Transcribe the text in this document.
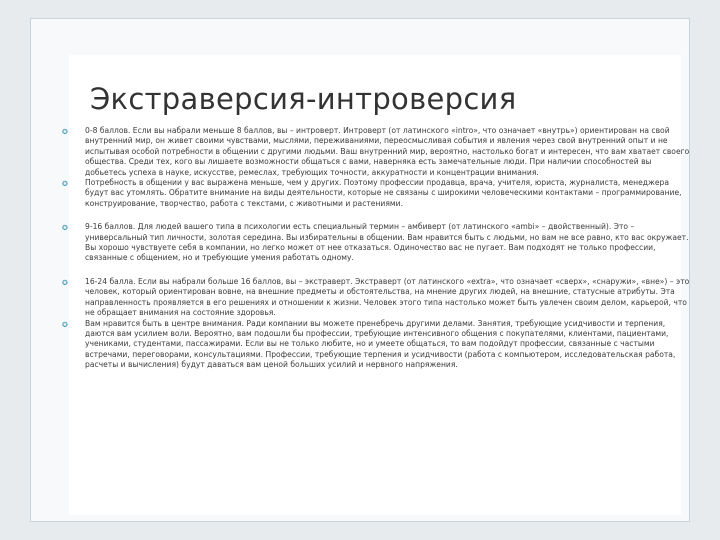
Экстраверсия-интроверсия
✪ 0-8 баллов. Если вы набрали меньше 8 баллов, вы – интроверт. Интроверт (от латинского «intro», что означает «внутрь») ориентирован на свой внутренний мир, он живет своими чувствами, мыслями, переживаниями, переосмысливая события и явления через свой внутренний опыт и не испытывая особой потребности в общении с другими людьми. Ваш внутренний мир, вероятно, настолько богат и интересен, что вам хватает своего общества. Среди тех, кого вы лишаете возможности общаться с вами, наверняка есть замечательные люди. При наличии способностей вы добьетесь успеха в науке, искусстве, ремеслах, требующих точности, аккуратности и концентрации внимания.
✪ Потребность в общении у вас выражена меньше, чем у других. Поэтому профессии продавца, врача, учителя, юриста, журналиста, менеджера будут вас утомлять. Обратите внимание на виды деятельности, которые не связаны с широкими человеческими контактами – программирование, конструирование, творчество, работа с текстами, с животными и растениями.
✪ 9-16 баллов. Для людей вашего типа в психологии есть специальный термин – амбиверт (от латинского «ambi» – двойственный). Это – универсальный тип личности, золотая середина. Вы избирательны в общении. Вам нравится быть с людьми, но вам не все равно, кто вас окружает. Вы хорошо чувствуете себя в компании, но легко может от нее отказаться. Одиночество вас не пугает. Вам подходят не только профессии, связанные с общением, но и требующие умения работать одному.
✪ 16-24 балла. Если вы набрали больше 16 баллов, вы – экстраверт. Экстраверт (от латинского «extra», что означает «сверх», «снаружи», «вне») – это человек, который ориентирован вовне, на внешние предметы и обстоятельства, на мнение других людей, на внешние, статусные атрибуты. Эта направленность проявляется в его решениях и отношении к жизни. Человек этого типа настолько может быть увлечен своим делом, карьерой, что не обращает внимания на состояние здоровья.
✪ Вам нравится быть в центре внимания. Ради компании вы можете пренебречь другими делами. Занятия, требующие усидчивости и терпения, даются вам усилием воли. Вероятно, вам подошли бы профессии, требующие интенсивного общения с покупателями, клиентами, пациентами, учениками, студентами, пассажирами. Если вы не только любите, но и умеете общаться, то вам подойдут профессии, связанные с частыми встречами, переговорами, консультациями. Профессии, требующие терпения и усидчивости (работа с компьютером, исследовательская работа, расчеты и вычисления) будут даваться вам ценой больших усилий и нервного напряжения.
